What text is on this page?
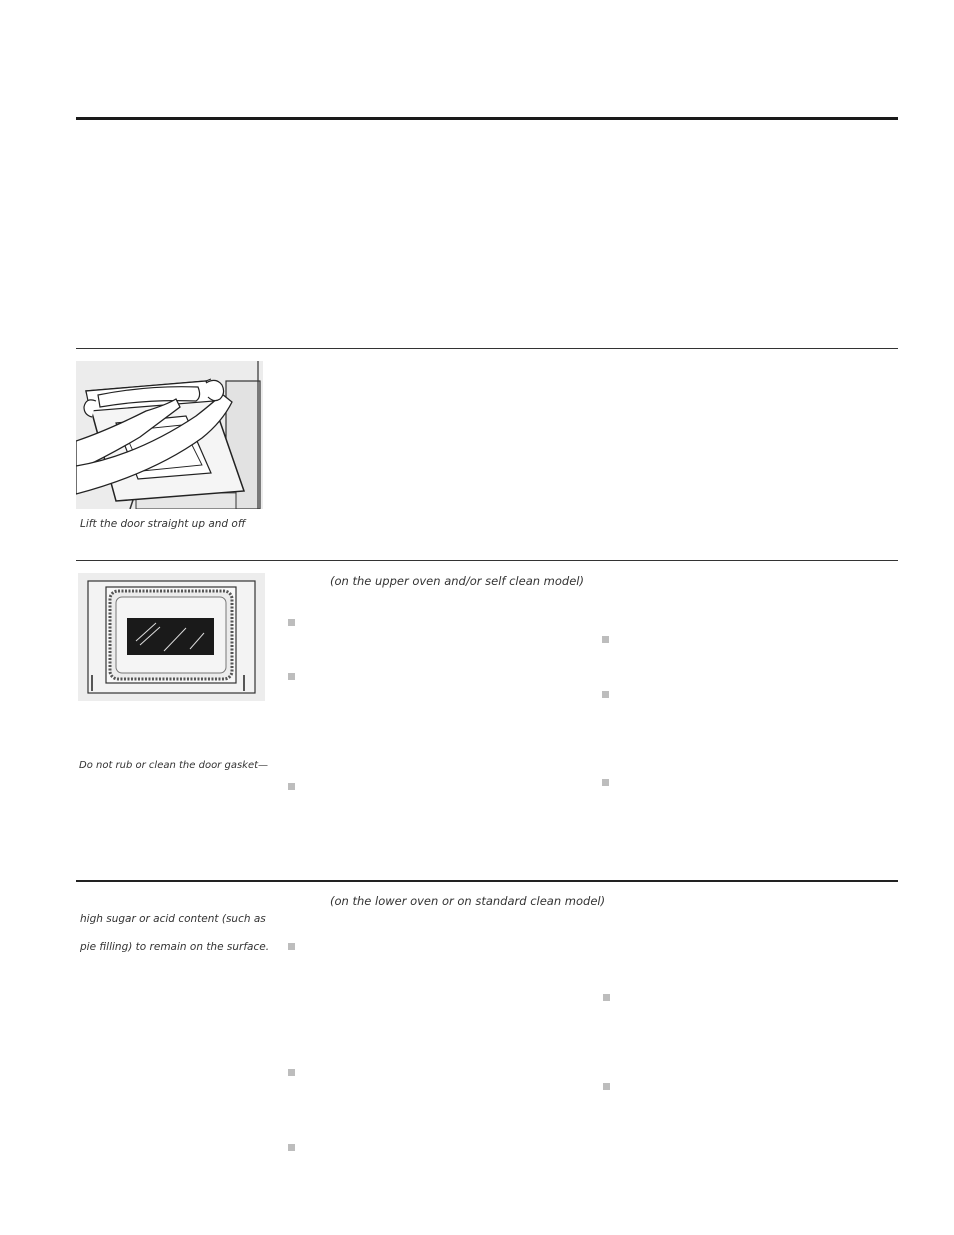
Lift the door straight up and off
Do not rub or clean the door gasket—
(on the upper oven and/or self clean model)
high sugar or acid content (such as
pie filling) to remain on the surface.
(on the lower oven or on standard clean model)
